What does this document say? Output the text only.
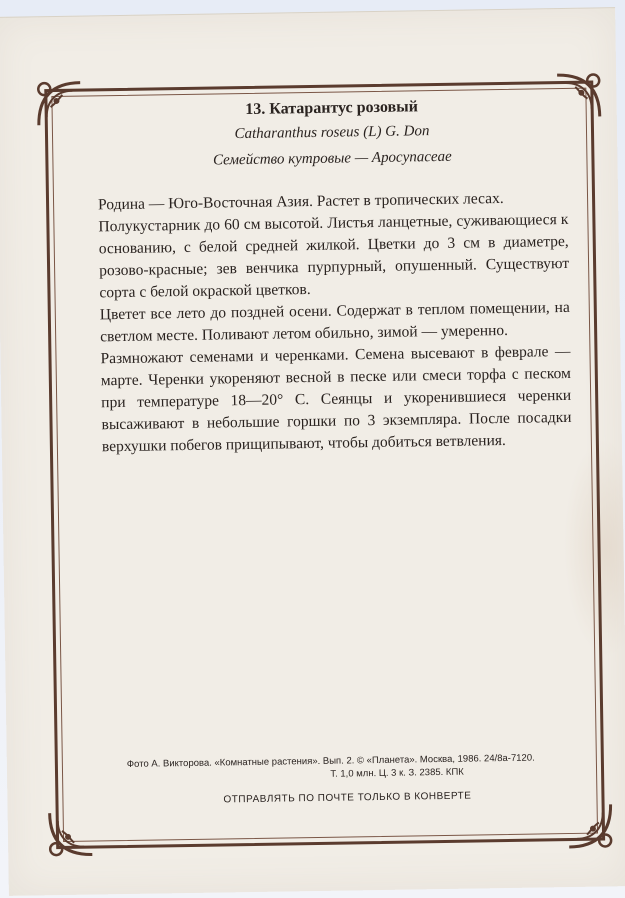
13. Катарантус розовый

Catharanthus roseus (L) G. Don

Семейство кутровые — Apocynaceae

Родина — Юго-Восточная Азия. Растет в тропических лесах.

Полукустарник до 60 см высотой. Листья ланцетные, суживающиеся к основанию, с белой средней жилкой. Цветки до 3 см в диаметре, розово-красные; зев венчика пурпурный, опушенный. Существуют сорта с белой окраской цветков.

Цветет все лето до поздней осени. Содержат в теплом помещении, на светлом месте. Поливают летом обильно, зимой — умеренно.

Размножают семенами и черенками. Семена высевают в феврале — марте. Черенки укореняют весной в песке или смеси торфа с песком при температуре 18—20° С. Сеянцы и укоренившиеся черенки высаживают в небольшие горшки по 3 экземпляра. После посадки верхушки побегов прищипывают, чтобы добиться ветвления.

Фото А. Викторова. «Комнатные растения». Вып. 2. © «Планета». Москва, 1986. 24/8а-7120.
Т. 1,0 млн. Ц. 3 к. З. 2385. КПК
ОТПРАВЛЯТЬ ПО ПОЧТЕ ТОЛЬКО В КОНВЕРТЕ
